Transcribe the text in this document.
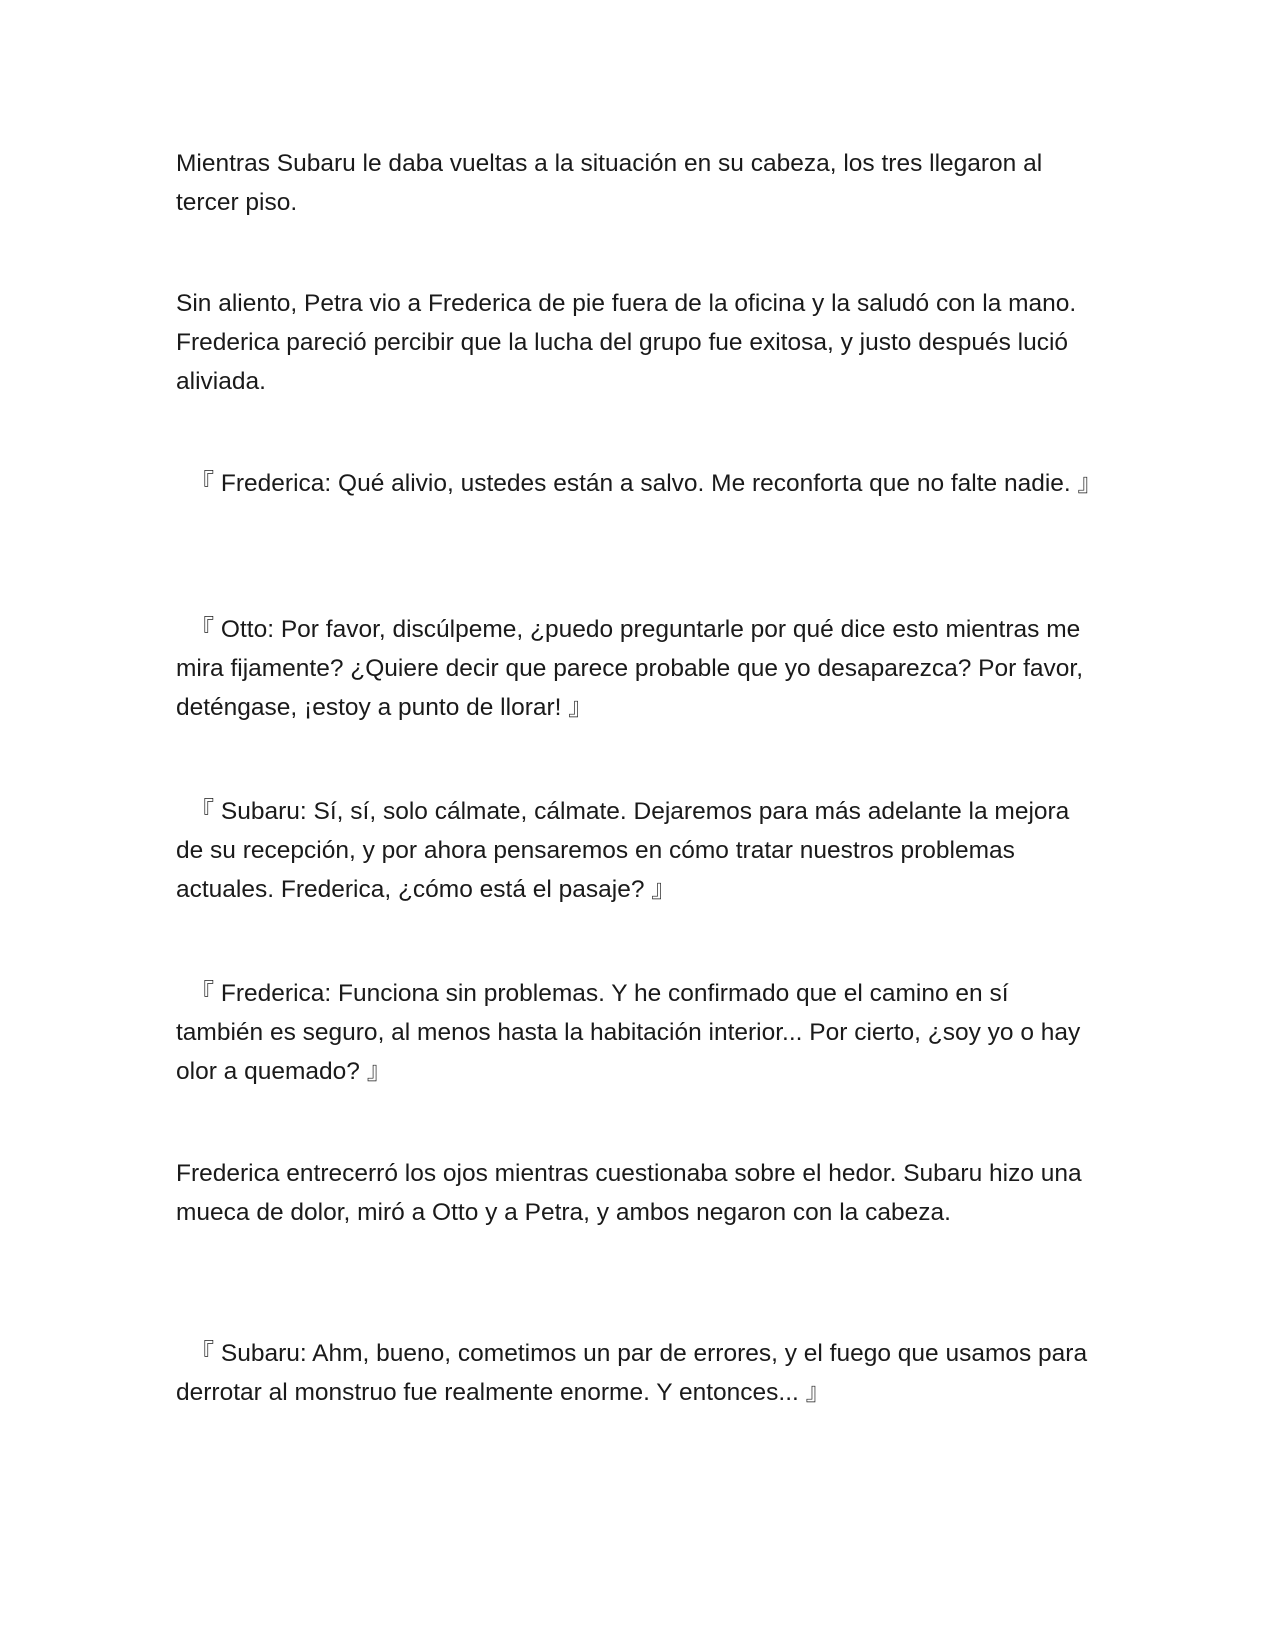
Mientras Subaru le daba vueltas a la situación en su cabeza, los tres llegaron al tercer piso.

Sin aliento, Petra vio a Frederica de pie fuera de la oficina y la saludó con la mano. Frederica pareció percibir que la lucha del grupo fue exitosa, y justo después lució aliviada.

『 Frederica: Qué alivio, ustedes están a salvo. Me reconforta que no falte nadie. 』

『 Otto: Por favor, discúlpeme, ¿puedo preguntarle por qué dice esto mientras me mira fijamente? ¿Quiere decir que parece probable que yo desaparezca? Por favor, deténgase, ¡estoy a punto de llorar! 』

『 Subaru: Sí, sí, solo cálmate, cálmate. Dejaremos para más adelante la mejora de su recepción, y por ahora pensaremos en cómo tratar nuestros problemas actuales. Frederica, ¿cómo está el pasaje? 』

『 Frederica: Funciona sin problemas. Y he confirmado que el camino en sí también es seguro, al menos hasta la habitación interior... Por cierto, ¿soy yo o hay olor a quemado? 』

Frederica entrecerró los ojos mientras cuestionaba sobre el hedor. Subaru hizo una mueca de dolor, miró a Otto y a Petra, y ambos negaron con la cabeza.

『 Subaru: Ahm, bueno, cometimos un par de errores, y el fuego que usamos para derrotar al monstruo fue realmente enorme. Y entonces... 』
